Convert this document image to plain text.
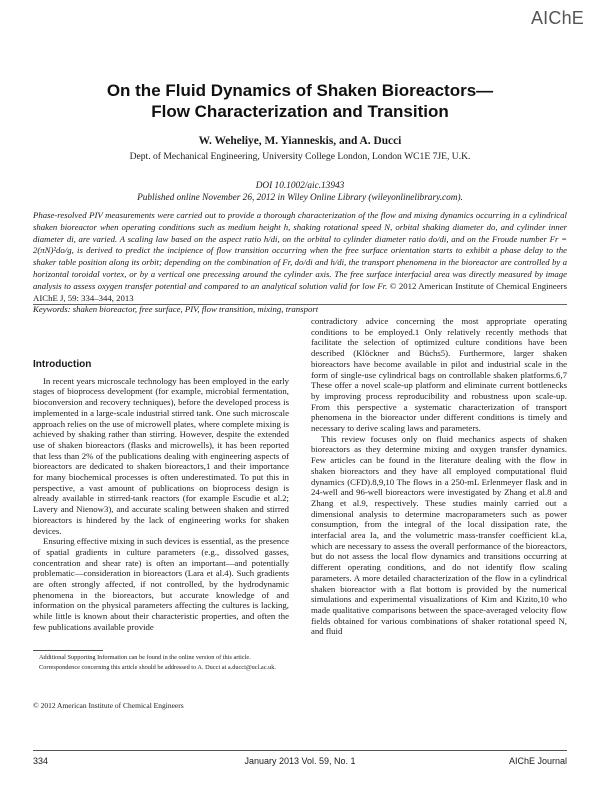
AIChE
On the Fluid Dynamics of Shaken Bioreactors—
Flow Characterization and Transition
W. Weheliye, M. Yianneskis, and A. Ducci
Dept. of Mechanical Engineering, University College London, London WC1E 7JE, U.K.
DOI 10.1002/aic.13943
Published online November 26, 2012 in Wiley Online Library (wileyonlinelibrary.com).
Phase-resolved PIV measurements were carried out to provide a thorough characterization of the flow and mixing dynamics occurring in a cylindrical shaken bioreactor when operating conditions such as medium height h, shaking rotational speed N, orbital shaking diameter do, and cylinder inner diameter di, are varied. A scaling law based on the aspect ratio h/di, on the orbital to cylinder diameter ratio do/di, and on the Froude number Fr = 2(πN)²do/g, is derived to predict the incipience of flow transition occurring when the free surface orientation starts to exhibit a phase delay to the shaker table position along its orbit; depending on the combination of Fr, do/di and h/di, the transport phenomena in the bioreactor are controlled by a horizontal toroidal vortex, or by a vertical one precessing around the cylinder axis. The free surface interfacial area was directly measured by image analysis to assess oxygen transfer potential and compared to an analytical solution valid for low Fr. © 2012 American Institute of Chemical Engineers AIChE J, 59: 334–344, 2013
Keywords: shaken bioreactor, free surface, PIV, flow transition, mixing, transport
Introduction

In recent years microscale technology has been employed in the early stages of bioprocess development (for example, microbial fermentation, bioconversion and recovery techniques), before the developed process is implemented in a large-scale industrial stirred tank. One such microscale approach relies on the use of microwell plates, where complete mixing is achieved by shaking rather than stirring. However, despite the extended use of shaken bioreactors (flasks and microwells), it has been reported that less than 2% of the publications dealing with engineering aspects of bioreactors are dedicated to shaken bioreactors,1 and their importance for many biochemical processes is often underestimated. To put this in perspective, a vast amount of publications on bioprocess design is already available in stirred-tank reactors (for example Escudie et al.2; Lavery and Nienow3), and accurate scaling between shaken and stirred bioreactors is hindered by the lack of engineering works for shaken devices.

Ensuring effective mixing in such devices is essential, as the presence of spatial gradients in culture parameters (e.g., dissolved gasses, concentration and shear rate) is often an important—and potentially problematic—consideration in bioreactors (Lara et al.4). Such gradients are often strongly affected, if not controlled, by the hydrodynamic phenomena in the bioreactors, but accurate knowledge of and information on the physical parameters affecting the cultures is lacking, while little is known about their characteristic properties, and often the few publications available provide

contradictory advice concerning the most appropriate operating conditions to be employed.1 Only relatively recently methods that facilitate the selection of optimized culture conditions have been described (Klöckner and Büchs5). Furthermore, larger shaken bioreactors have become available in pilot and industrial scale in the form of single-use cylindrical bags on controllable shaken platforms.6,7 These offer a novel scale-up platform and eliminate current bottlenecks by improving process reproducibility and robustness upon scale-up. From this perspective a systematic characterization of transport phenomena in the bioreactor under different conditions is timely and necessary to derive scaling laws and parameters.

This review focuses only on fluid mechanics aspects of shaken bioreactors as they determine mixing and oxygen transfer dynamics. Few articles can be found in the literature dealing with the flow in shaken bioreactors and they have all employed computational fluid dynamics (CFD).8,9,10 The flows in a 250-mL Erlenmeyer flask and in 24-well and 96-well bioreactors were investigated by Zhang et al.8 and Zhang et al.9, respectively. These studies mainly carried out a dimensional analysis to determine macroparameters such as power consumption, from the integral of the local dissipation rate, the interfacial area Ia, and the volumetric mass-transfer coefficient kLa, which are necessary to assess the overall performance of the bioreactors, but do not assess the local flow dynamics and transitions occurring at different operating conditions, and do not identify flow scaling parameters. A more detailed characterization of the flow in a cylindrical shaken bioreactor with a flat bottom is provided by the numerical simulations and experimental visualizations of Kim and Kizito,10 who made qualitative comparisons between the space-averaged velocity flow fields obtained for various combinations of shaker rotational speed N, and fluid

Additional Supporting Information can be found in the online version of this article.

Correspondence concerning this article should be addressed to A. Ducci at a.ducci@ucl.ac.uk.

© 2012 American Institute of Chemical Engineers
334	January 2013 Vol. 59, No. 1	AIChE Journal
